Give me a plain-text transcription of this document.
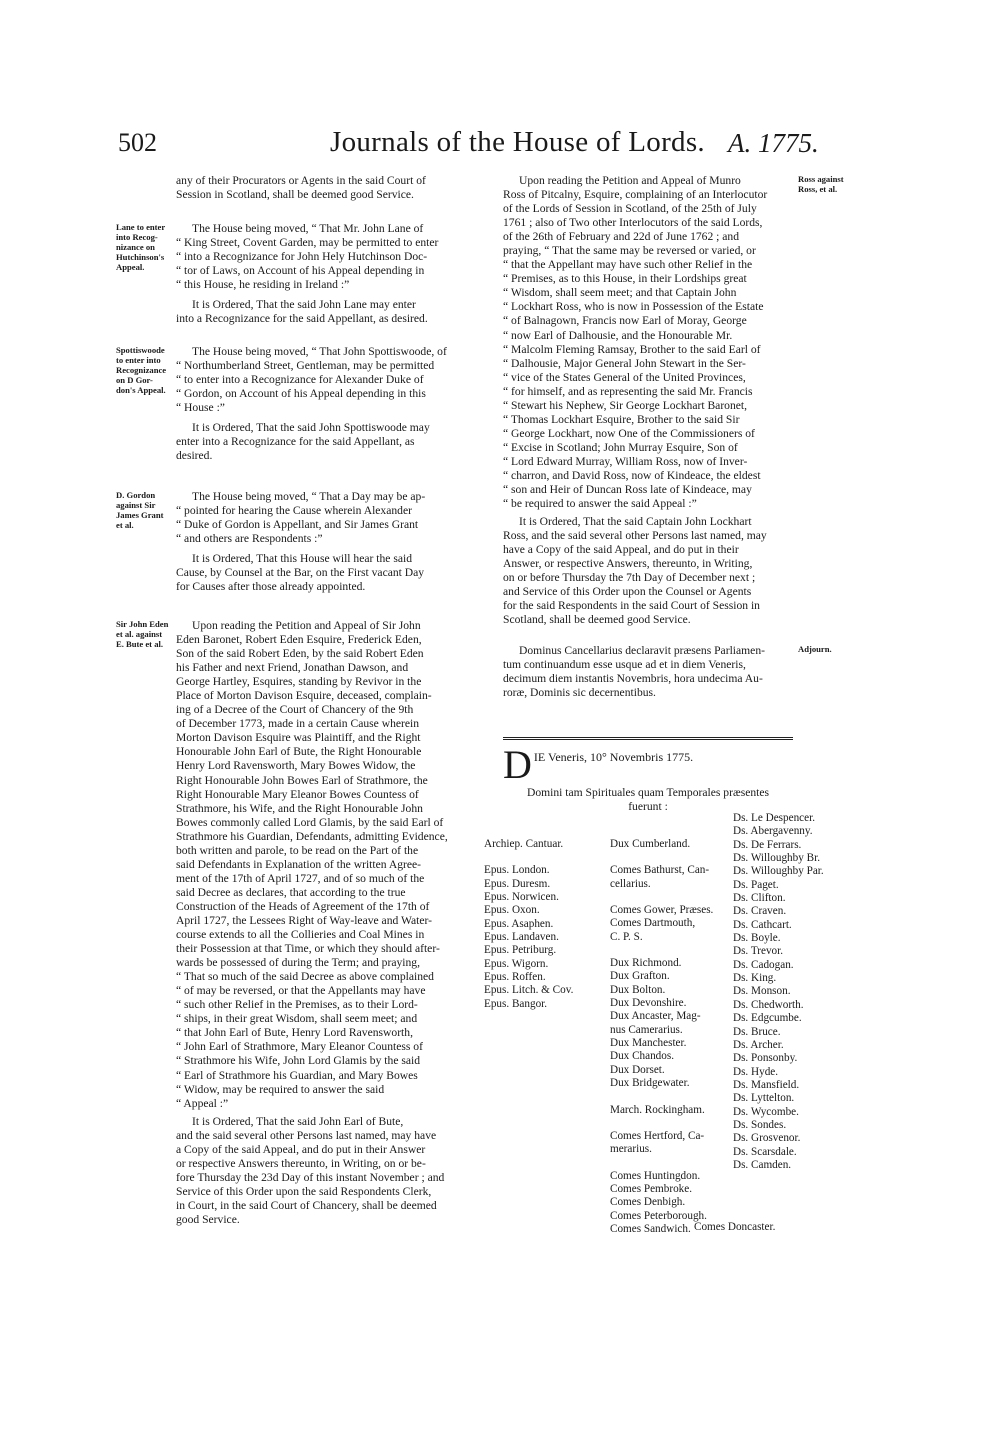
502	Journals of the House of Lords. A. 1775.
any of their Procurators or Agents in the said Court of
Session in Scotland, shall be deemed good Service.
Lane to enter
into Recog-
nizance on
Hutchinson's
Appeal.
The House being moved, “ That Mr. John Lane of
“ King Street, Covent Garden, may be permitted to enter
“ into a Recognizance for John Hely Hutchinson Doc-
“ tor of Laws, on Account of his Appeal depending in
“ this House, he residing in Ireland :”
It is Ordered, That the said John Lane may enter
into a Recognizance for the said Appellant, as desired.
Spottiswoode
to enter into
Recognizance
on D Gor-
don's Appeal.
The House being moved, “ That John Spottiswoode, of
“ Northumberland Street, Gentleman, may be permitted
“ to enter into a Recognizance for Alexander Duke of
“ Gordon, on Account of his Appeal depending in this
“ House :”
It is Ordered, That the said John Spottiswoode may
enter into a Recognizance for the said Appellant, as
desired.
D. Gordon
against Sir
James Grant
et al.
The House being moved, “ That a Day may be ap-
“ pointed for hearing the Cause wherein Alexander
“ Duke of Gordon is Appellant, and Sir James Grant
“ and others are Respondents :”
It is Ordered, That this House will hear the said
Cause, by Counsel at the Bar, on the First vacant Day
for Causes after those already appointed.
Sir John Eden
et al. against
E. Bute et al.
Upon reading the Petition and Appeal of Sir John
Eden Baronet, Robert Eden Esquire, Frederick Eden,
Son of the said Robert Eden, by the said Robert Eden
his Father and next Friend, Jonathan Dawson, and
George Hartley, Esquires, standing by Revivor in the
Place of Morton Davison Esquire, deceased, complain-
ing of a Decree of the Court of Chancery of the 9th
of December 1773, made in a certain Cause wherein
Morton Davison Esquire was Plaintiff, and the Right
Honourable John Earl of Bute, the Right Honourable
Henry Lord Ravensworth, Mary Bowes Widow, the
Right Honourable John Bowes Earl of Strathmore, the
Right Honourable Mary Eleanor Bowes Countess of
Strathmore, his Wife, and the Right Honourable John
Bowes commonly called Lord Glamis, by the said Earl of
Strathmore his Guardian, Defendants, admitting Evidence,
both written and parole, to be read on the Part of the
said Defendants in Explanation of the written Agree-
ment of the 17th of April 1727, and of so much of the
said Decree as declares, that according to the true
Construction of the Heads of Agreement of the 17th of
April 1727, the Lessees Right of Way-leave and Water-
course extends to all the Collieries and Coal Mines in
their Possession at that Time, or which they should after-
wards be possessed of during the Term; and praying,
“ That so much of the said Decree as above complained
“ of may be reversed, or that the Appellants may have
“ such other Relief in the Premises, as to their Lord-
“ ships, in their great Wisdom, shall seem meet; and
“ that John Earl of Bute, Henry Lord Ravensworth,
“ John Earl of Strathmore, Mary Eleanor Countess of
“ Strathmore his Wife, John Lord Glamis by the said
“ Earl of Strathmore his Guardian, and Mary Bowes
“ Widow, may be required to answer the said
“ Appeal :”
It is Ordered, That the said John Earl of Bute,
and the said several other Persons last named, may have
a Copy of the said Appeal, and do put in their Answer
or respective Answers thereunto, in Writing, on or be-
fore Thursday the 23d Day of this instant November ; and
Service of this Order upon the said Respondents Clerk,
in Court, in the said Court of Chancery, shall be deemed
good Service.
Ross against
Ross, et al.
Upon reading the Petition and Appeal of Munro
Ross of Pitcalny, Esquire, complaining of an Interlocutor
of the Lords of Session in Scotland, of the 25th of July
1761 ; also of Two other Interlocutors of the said Lords,
of the 26th of February and 22d of June 1762 ; and
praying, “ That the same may be reversed or varied, or
“ that the Appellant may have such other Relief in the
“ Premises, as to this House, in their Lordships great
“ Wisdom, shall seem meet; and that Captain John
“ Lockhart Ross, who is now in Possession of the Estate
“ of Balnagown, Francis now Earl of Moray, George
“ now Earl of Dalhousie, and the Honourable Mr.
“ Malcolm Fleming Ramsay, Brother to the said Earl of
“ Dalhousie, Major General John Stewart in the Ser-
“ vice of the States General of the United Provinces,
“ for himself, and as representing the said Mr. Francis
“ Stewart his Nephew, Sir George Lockhart Baronet,
“ Thomas Lockhart Esquire, Brother to the said Sir
“ George Lockhart, now One of the Commissioners of
“ Excise in Scotland; John Murray Esquire, Son of
“ Lord Edward Murray, William Ross, now of Inver-
“ charron, and David Ross, now of Kindeace, the eldest
“ son and Heir of Duncan Ross late of Kindeace, may
“ be required to answer the said Appeal :”
It is Ordered, That the said Captain John Lockhart
Ross, and the said several other Persons last named, may
have a Copy of the said Appeal, and do put in their
Answer, or respective Answers, thereunto, in Writing,
on or before Thursday the 7th Day of December next ;
and Service of this Order upon the Counsel or Agents
for the said Respondents in the said Court of Session in
Scotland, shall be deemed good Service.
Adjourn.
Dominus Cancellarius declaravit præsens Parliamen-
tum continuandum esse usque ad et in diem Veneris,
decimum diem instantis Novembris, hora undecima Au-
roræ, Dominis sic decernentibus.
D IE Veneris, 10° Novembris 1775.
Domini tam Spirituales quam Temporales præsentes
fuerunt :
Archiep. Cantuar.
Epus. London.
Epus. Duresm.
Epus. Norwicen.
Epus. Oxon.
Epus. Asaphen.
Epus. Landaven.
Epus. Petriburg.
Epus. Wigorn.
Epus. Roffen.
Epus. Litch. & Cov.
Epus. Bangor.
Dux Cumberland.
Comes Bathurst, Can-
cellarius.
Comes Gower, Præses.
Comes Dartmouth,
C. P. S.
Dux Richmond.
Dux Grafton.
Dux Bolton.
Dux Devonshire.
Dux Ancaster, Mag-
nus Camerarius.
Dux Manchester.
Dux Chandos.
Dux Dorset.
Dux Bridgewater.
March. Rockingham.
Comes Hertford, Ca-
merarius.
Comes Huntingdon.
Comes Pembroke.
Comes Denbigh.
Comes Peterborough.
Comes Sandwich.
Ds. Le Despencer.
Ds. Abergavenny.
Ds. De Ferrars.
Ds. Willoughby Br.
Ds. Willoughby Par.
Ds. Paget.
Ds. Clifton.
Ds. Craven.
Ds. Cathcart.
Ds. Boyle.
Ds. Trevor.
Ds. Cadogan.
Ds. King.
Ds. Monson.
Ds. Chedworth.
Ds. Edgcumbe.
Ds. Bruce.
Ds. Archer.
Ds. Ponsonby.
Ds. Hyde.
Ds. Mansfield.
Ds. Lyttelton.
Ds. Wycombe.
Ds. Sondes.
Ds. Grosvenor.
Ds. Scarsdale.
Ds. Camden.
Comes Doncaster.
